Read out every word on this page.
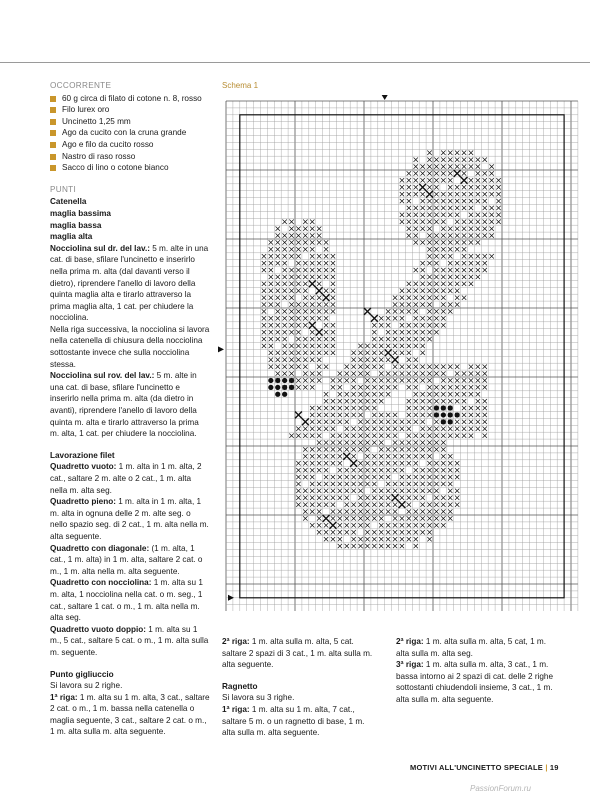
OCCORRENTE
60 g circa di filato di cotone n. 8, rosso
Filo lurex oro
Uncinetto 1,25 mm
Ago da cucito con la cruna grande
Ago e filo da cucito rosso
Nastro di raso rosso
Sacco di lino o cotone bianco
PUNTI

Catenella

maglia bassima

maglia bassa

maglia alta

Nocciolina sul dr. del lav.: 5 m. alte in una cat. di base, sfilare l'uncinetto e inserirlo nella prima m. alta (dal davanti verso il dietro), riprendere l'anello di lavoro della quinta maglia alta e tirarlo attraverso la prima maglia alta, 1 cat. per chiudere la nocciolina.

Nella riga successiva, la nocciolina si lavora nella catenella di chiusura della nocciolina sottostante invece che sulla nocciolina stessa.

Nocciolina sul rov. del lav.: 5 m. alte in una cat. di base, sfilare l'uncinetto e inserirlo nella prima m. alta (da dietro in avanti), riprendere l'anello di lavoro della quinta m. alta e tirarlo attraverso la prima m. alta, 1 cat. per chiudere la nocciolina.

Lavorazione filet

Quadretto vuoto: 1 m. alta in 1 m. alta, 2 cat., saltare 2 m. alte o 2 cat., 1 m. alta nella m. alta seg.

Quadretto pieno: 1 m. alta in 1 m. alta, 1 m. alta in ognuna delle 2 m. alte seg. o nello spazio seg. di 2 cat., 1 m. alta nella m. alta seguente.

Quadretto con diagonale: (1 m. alta, 1 cat., 1 m. alta) in 1 m. alta, saltare 2 cat. o m., 1 m. alta nella m. alta seguente.

Quadretto con nocciolina: 1 m. alta su 1 m. alta, 1 nocciolina nella cat. o m. seg., 1 cat., saltare 1 cat. o m., 1 m. alta nella m. alta seg.

Quadretto vuoto doppio: 1 m. alta su 1 m., 5 cat., saltare 5 cat. o m., 1 m. alta sulla m. seguente.

Punto gigliuccio

Si lavora su 2 righe.

1ª riga: 1 m. alta su 1 m. alta, 3 cat., saltare 2 cat. o m., 1 m. bassa nella catenella o maglia seguente, 3 cat., saltare 2 cat. o m., 1 m. alta sulla m. alta seguente.

Schema 1

2ª riga: 1 m. alta sulla m. alta, 5 cat. saltare 2 spazi di 3 cat., 1 m. alta sulla m. alta seguente.

Ragnetto

Si lavora su 3 righe.

1ª riga: 1 m. alta su 1 m. alta, 7 cat., saltare 5 m. o un ragnetto di base, 1 m. alta sulla m. alta seguente.

2ª riga: 1 m. alta sulla m. alta, 5 cat, 1 m. alta sulla m. alta seg.

3ª riga: 1 m. alta sulla m. alta, 3 cat., 1 m. bassa intorno ai 2 spazi di cat. delle 2 righe sottostanti chiudendoli insieme, 3 cat., 1 m. alta sulla m. alta seguente.

MOTIVI ALL'UNCINETTO SPECIALE | 19
PassionForum.ru
